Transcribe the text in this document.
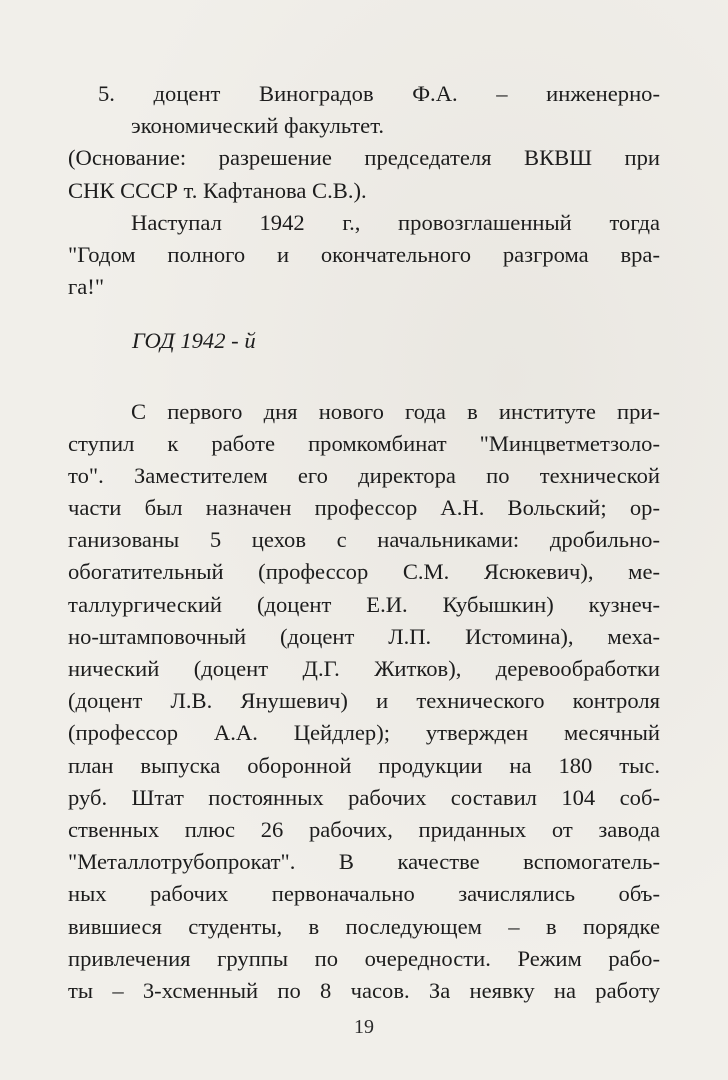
5. доцент Виноградов Ф.А. – инженерно-
экономический факультет.
(Основание: разрешение председателя ВКВШ при
СНК СССР т. Кафтанова С.В.).
Наступал 1942 г., провозглашенный тогда
"Годом полного и окончательного разгрома вра-
га!"
ГОД 1942 - й
С первого дня нового года в институте при-
ступил к работе промкомбинат "Минцветметзоло-
то". Заместителем его директора по технической
части был назначен профессор А.Н. Вольский; ор-
ганизованы 5 цехов с начальниками: дробильно-
обогатительный (профессор С.М. Ясюкевич), ме-
таллургический (доцент Е.И. Кубышкин) кузнеч-
но-штамповочный (доцент Л.П. Истомина), меха-
нический (доцент Д.Г. Житков), деревообработки
(доцент Л.В. Янушевич) и технического контроля
(профессор А.А. Цейдлер); утвержден месячный
план выпуска оборонной продукции на 180 тыс.
руб. Штат постоянных рабочих составил 104 соб-
ственных плюс 26 рабочих, приданных от завода
"Металлотрубопрокат". В качестве вспомогатель-
ных рабочих первоначально зачислялись объ-
вившиеся студенты, в последующем – в порядке
привлечения группы по очередности. Режим рабо-
ты – 3-хсменный по 8 часов. За неявку на работу
19
